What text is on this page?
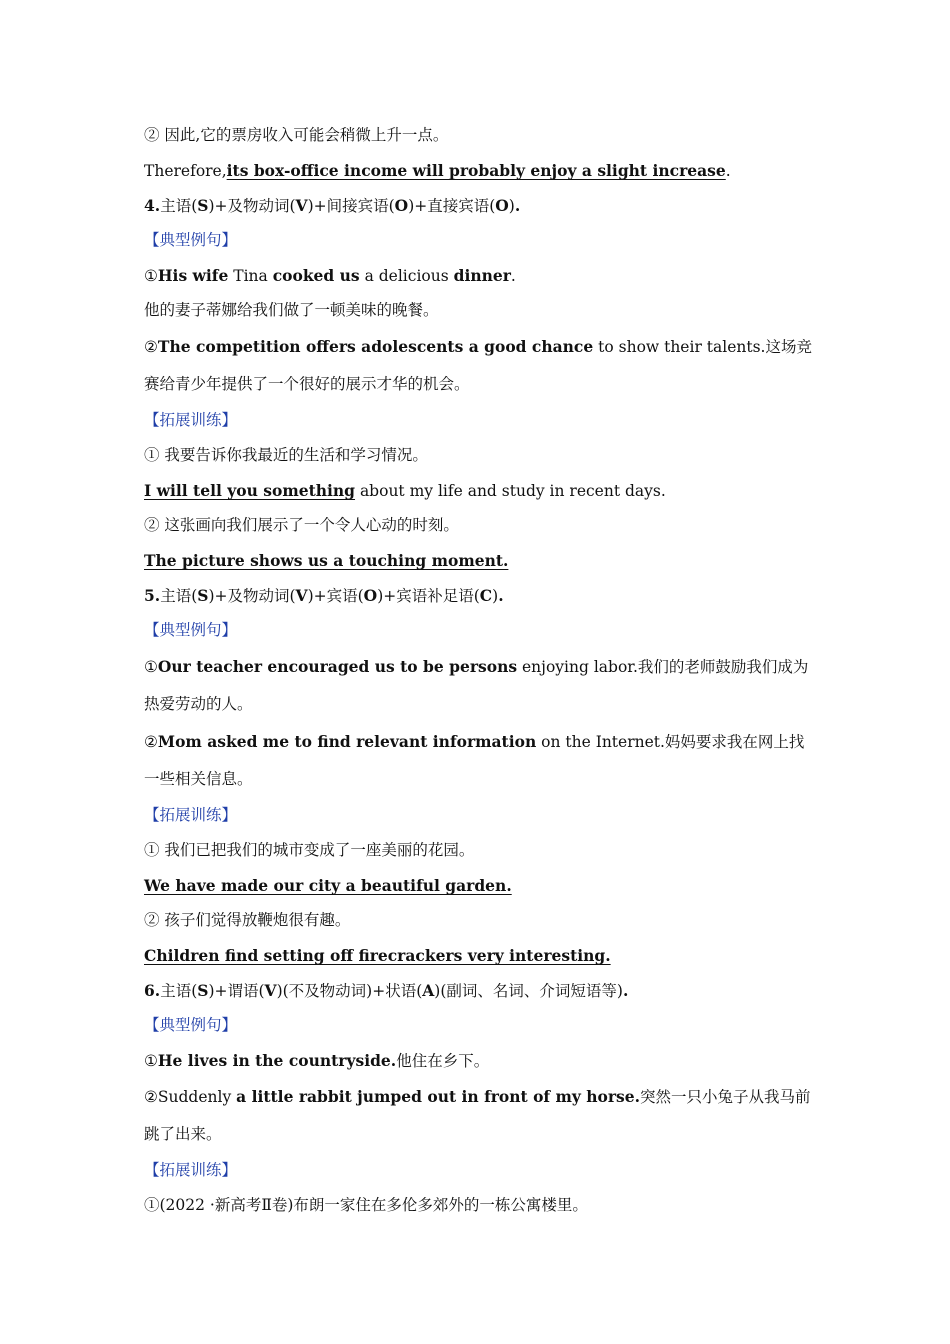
② 因此,它的票房收入可能会稍微上升一点。
Therefore,its box-office income will probably enjoy a slight increase.
4.主语(S)+及物动词(V)+间接宾语(O)+直接宾语(O).
【典型例句】
①His wife Tina cooked us a delicious dinner.
他的妻子蒂娜给我们做了一顿美味的晚餐。
②The competition offers adolescents a good chance to show their talents.这场竞赛给青少年提供了一个很好的展示才华的机会。
【拓展训练】
① 我要告诉你我最近的生活和学习情况。
I will tell you something about my life and study in recent days.
② 这张画向我们展示了一个令人心动的时刻。
The picture shows us a touching moment.
5.主语(S)+及物动词(V)+宾语(O)+宾语补足语(C).
【典型例句】
①Our teacher encouraged us to be persons enjoying labor.我们的老师鼓励我们成为热爱劳动的人。
②Mom asked me to find relevant information on the Internet.妈妈要求我在网上找一些相关信息。
【拓展训练】
① 我们已把我们的城市变成了一座美丽的花园。
We have made our city a beautiful garden.
② 孩子们觉得放鞭炮很有趣。
Children find setting off firecrackers very interesting.
6.主语(S)+谓语(V)(不及物动词)+状语(A)(副词、名词、介词短语等).
【典型例句】
①He lives in the countryside.他住在乡下。
②Suddenly a little rabbit jumped out in front of my horse.突然一只小兔子从我马前跳了出来。
【拓展训练】
①(2022 ·新高考Ⅱ卷)布朗一家住在多伦多郊外的一栋公寓楼里。
